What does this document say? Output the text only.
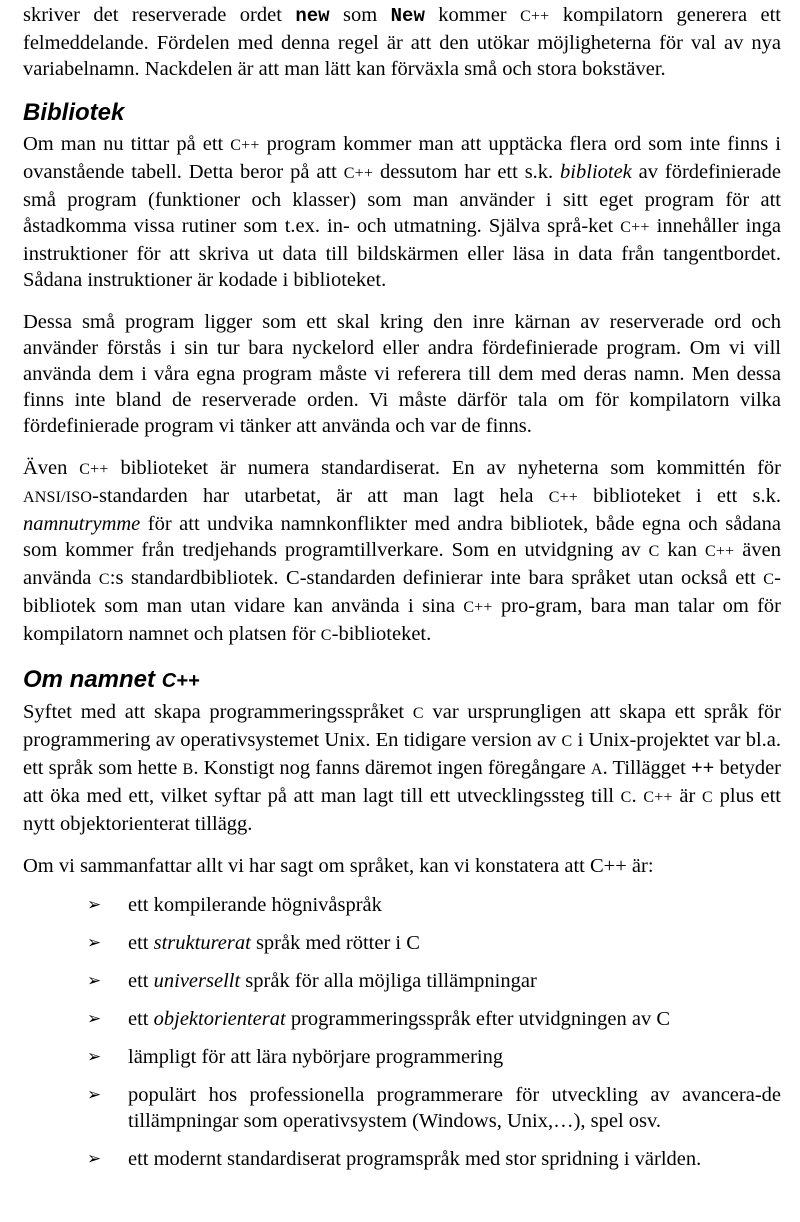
skriver det reserverade ordet new som New kommer C++ kompilatorn generera ett felmeddelande. Fördelen med denna regel är att den utökar möjligheterna för val av nya variabelnamn. Nackdelen är att man lätt kan förväxla små och stora bokstäver.

Bibliotek

Om man nu tittar på ett C++ program kommer man att upptäcka flera ord som inte finns i ovanstående tabell. Detta beror på att C++ dessutom har ett s.k. bibliotek av fördefinierade små program (funktioner och klasser) som man använder i sitt eget program för att åstadkomma vissa rutiner som t.ex. in- och utmatning. Själva språ-ket C++ innehåller inga instruktioner för att skriva ut data till bildskärmen eller läsa in data från tangentbordet. Sådana instruktioner är kodade i biblioteket.

Dessa små program ligger som ett skal kring den inre kärnan av reserverade ord och använder förstås i sin tur bara nyckelord eller andra fördefinierade program. Om vi vill använda dem i våra egna program måste vi referera till dem med deras namn. Men dessa finns inte bland de reserverade orden. Vi måste därför tala om för kompilatorn vilka fördefinierade program vi tänker att använda och var de finns.

Även C++ biblioteket är numera standardiserat. En av nyheterna som kommittén för ANSI/ISO-standarden har utarbetat, är att man lagt hela C++ biblioteket i ett s.k. namnutrymme för att undvika namnkonflikter med andra bibliotek, både egna och sådana som kommer från tredjehands programtillverkare. Som en utvidgning av C kan C++ även använda C:s standardbibliotek. C-standarden definierar inte bara språket utan också ett C-bibliotek som man utan vidare kan använda i sina C++ pro-gram, bara man talar om för kompilatorn namnet och platsen för C-biblioteket.

Om namnet C++

Syftet med att skapa programmeringsspråket C var ursprungligen att skapa ett språk för programmering av operativsystemet Unix. En tidigare version av C i Unix-projektet var bl.a. ett språk som hette B. Konstigt nog fanns däremot ingen föregångare A. Tillägget ++ betyder att öka med ett, vilket syftar på att man lagt till ett utvecklingssteg till C. C++ är C plus ett nytt objektorienterat tillägg.

Om vi sammanfattar allt vi har sagt om språket, kan vi konstatera att C++ är:

➢ ett kompilerande högnivåspråk
➢ ett strukturerat språk med rötter i C
➢ ett universellt språk för alla möjliga tillämpningar
➢ ett objektorienterat programmeringsspråk efter utvidgningen av C
➢ lämpligt för att lära nybörjare programmering
➢ populärt hos professionella programmerare för utveckling av avancera-de tillämpningar som operativsystem (Windows, Unix,…), spel osv.
➢ ett modernt standardiserat programspråk med stor spridning i världen.
